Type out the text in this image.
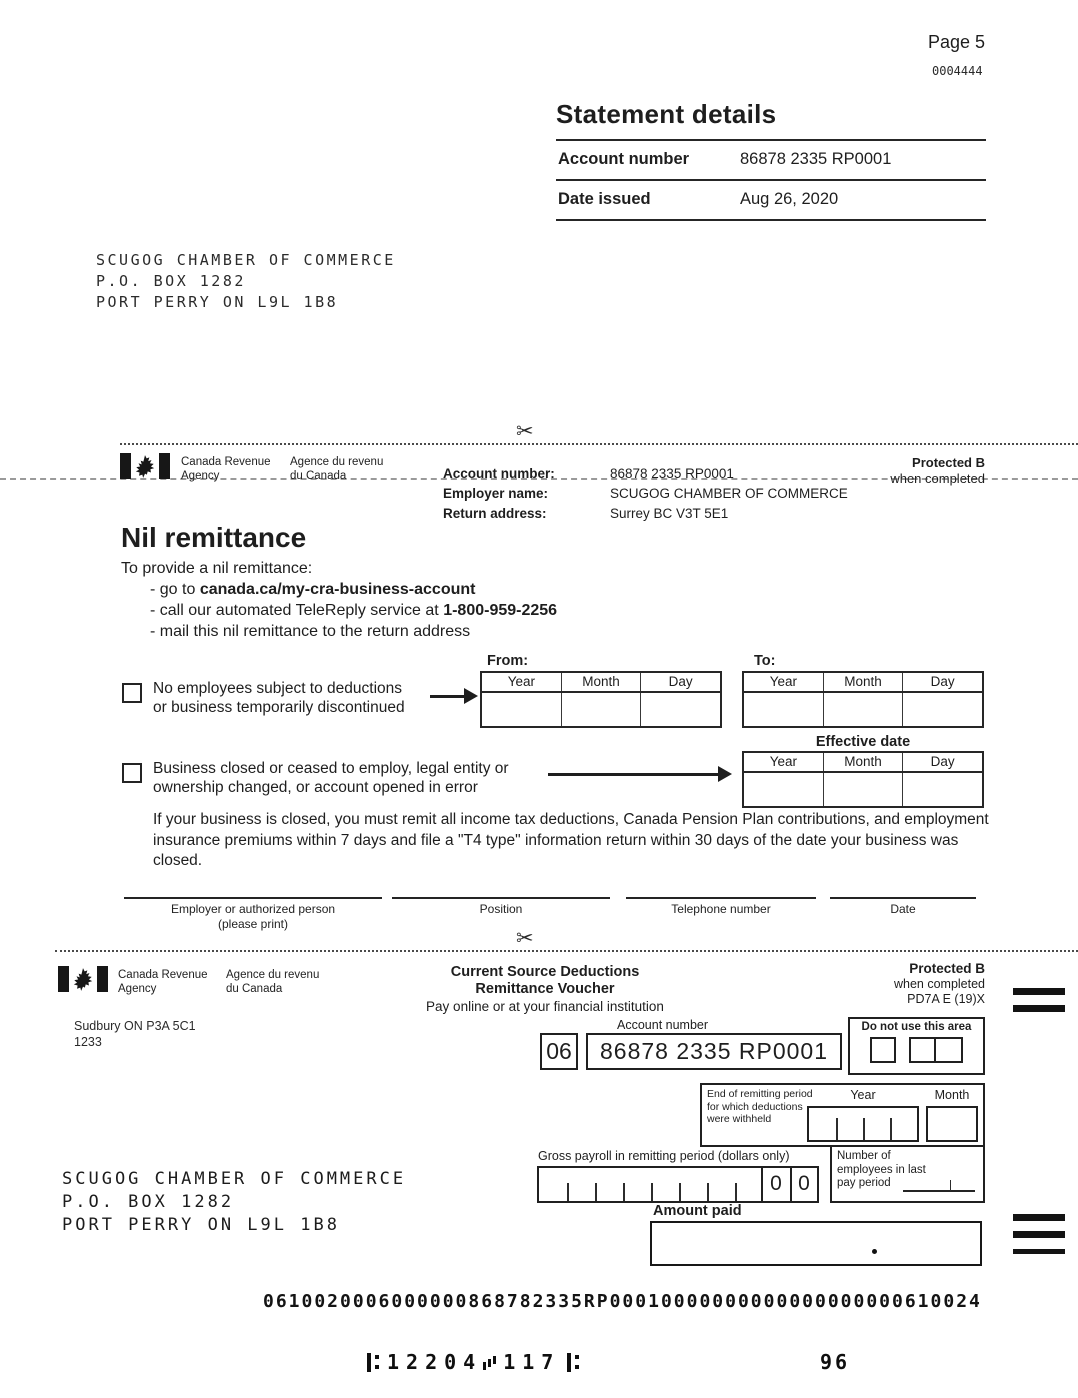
Page 5
0004444
Statement details
Account number	86878 2335 RP0001
Date issued	Aug 26, 2020
SCUGOG CHAMBER OF COMMERCE
P.O. BOX 1282
PORT PERRY ON L9L 1B8
✂
Canada Revenue
Agency
Agence du revenu
du Canada	Account number:	86878 2335 RP0001
Employer name:	SCUGOG CHAMBER OF COMMERCE
Return address:	Surrey BC V3T 5E1
Protected B
when completed
Nil remittance
To provide a nil remittance:
- go to canada.ca/my-cra-business-account
- call our automated TeleReply service at 1-800-959-2256
- mail this nil remittance to the return address
From:
Year	Month	Day
To:
Year	Month	Day
No employees subject to deductions
or business temporarily discontinued
Effective date
Year	Month	Day
Business closed or ceased to employ, legal entity or
ownership changed, or account opened in error

If your business is closed, you must remit all income tax deductions, Canada Pension Plan contributions, and employment insurance premiums within 7 days and file a "T4 type" information return within 30 days of the date your business was closed.

Employer or authorized person
(please print)
Position	Telephone number	Date
✂
Canada Revenue
Agency
Agence du revenu
du Canada
Current Source Deductions
Remittance Voucher
Pay online or at your financial institution
Protected B
when completed
PD7A E (19)X
Sudbury ON P3A 5C1
1233
Account number
06	86878 2335 RP0001
Do not use this area
End of remitting period for which deductions were withheld
Year	Month
Gross payroll in remitting period (dollars only)
0 0
Number of employees in last pay period
Amount paid
SCUGOG CHAMBER OF COMMERCE
P.O. BOX 1282
PORT PERRY ON L9L 1B8
0610020006000000868782335RP00010000000000000000000610024
12204 117	96
